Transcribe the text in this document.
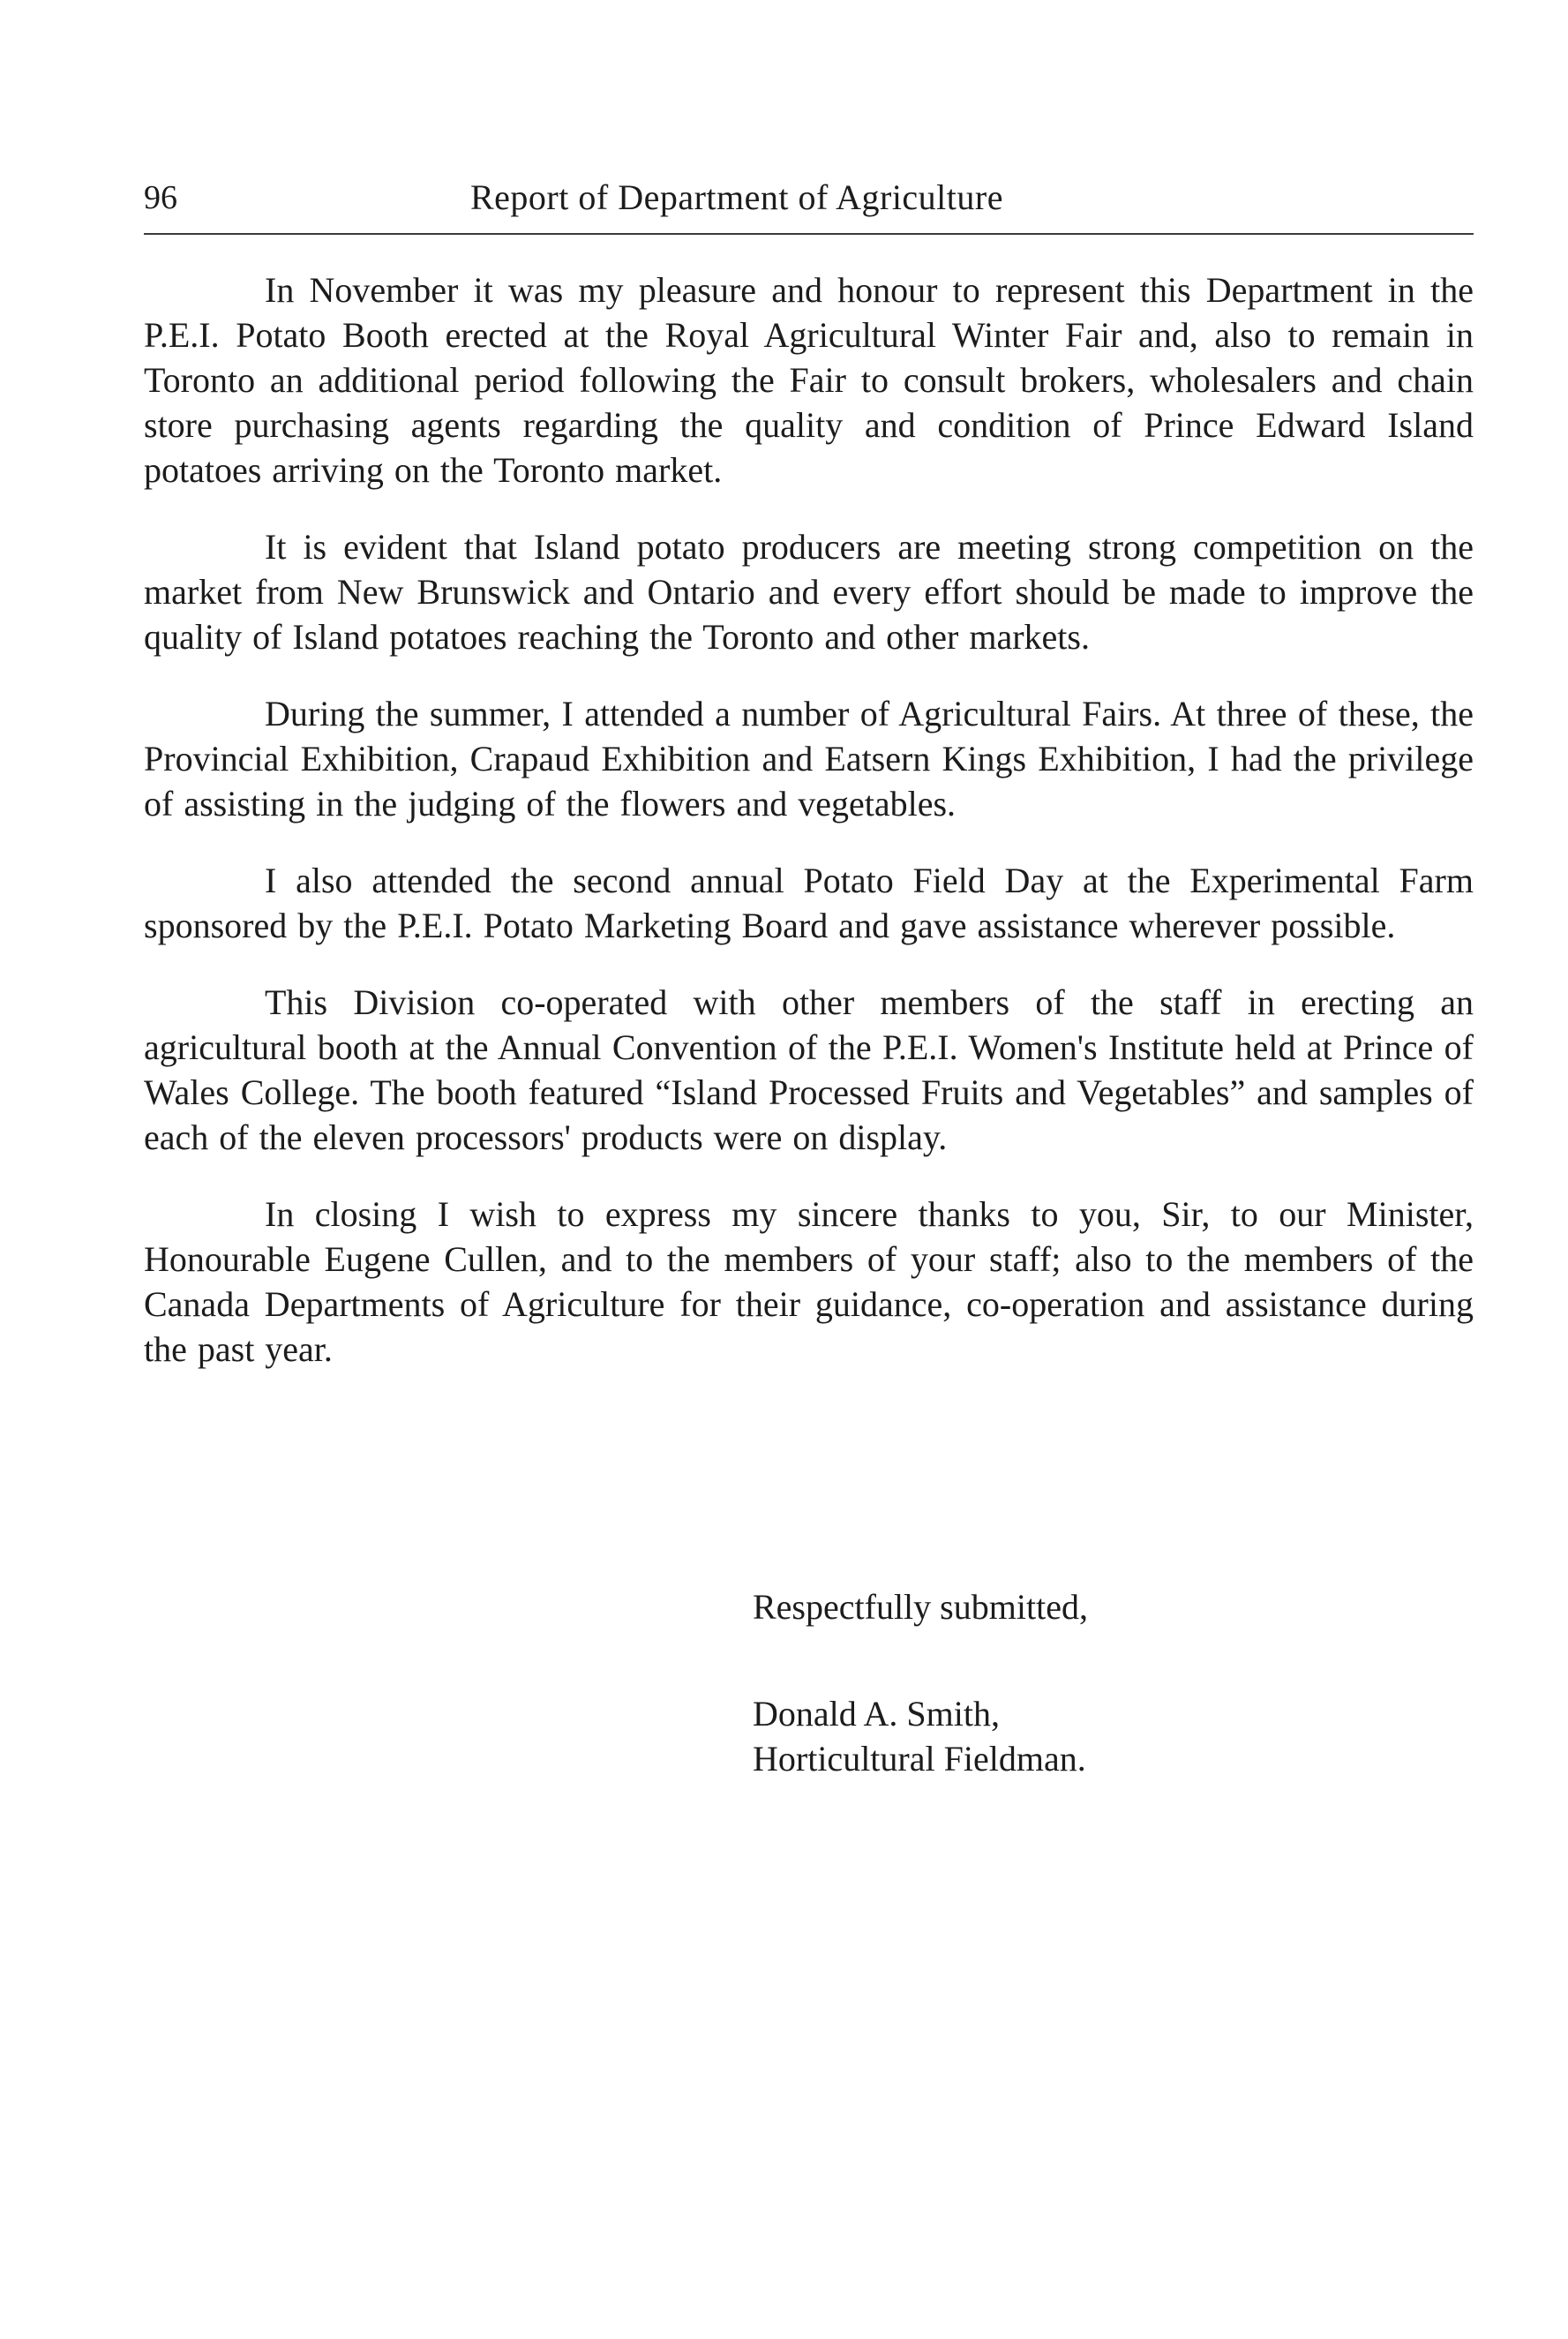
96	Report of Department of Agriculture

In November it was my pleasure and honour to represent this Department in the P.E.I. Potato Booth erected at the Royal Agricultural Winter Fair and, also to remain in Toronto an additional period following the Fair to consult brokers, wholesalers and chain store purchasing agents regarding the quality and condition of Prince Edward Island potatoes arriving on the Toronto market.

It is evident that Island potato producers are meeting strong competition on the market from New Brunswick and Ontario and every effort should be made to improve the quality of Island potatoes reaching the Toronto and other markets.

During the summer, I attended a number of Agricultural Fairs. At three of these, the Provincial Exhibition, Crapaud Exhibition and Eatsern Kings Exhibition, I had the privilege of assisting in the judging of the flowers and vegetables.

I also attended the second annual Potato Field Day at the Experimental Farm sponsored by the P.E.I. Potato Marketing Board and gave assistance wherever possible.

This Division co-operated with other members of the staff in erecting an agricultural booth at the Annual Convention of the P.E.I. Women's Institute held at Prince of Wales College. The booth featured “Island Processed Fruits and Vegetables” and samples of each of the eleven processors' products were on display.

In closing I wish to express my sincere thanks to you, Sir, to our Minister, Honourable Eugene Cullen, and to the members of your staff; also to the members of the Canada Departments of Agriculture for their guidance, co-operation and assistance during the past year.

Respectfully submitted,

Donald A. Smith,

Horticultural Fieldman.
